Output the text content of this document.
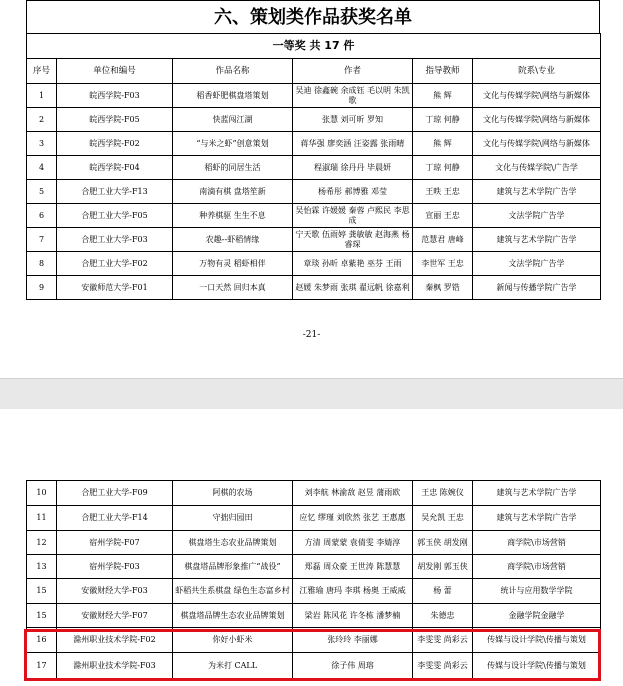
六、策划类作品获奖名单
一等奖 共 17 件					
序号	单位和编号	作品名称	作者	指导教师	院系\专业
1	皖西学院-F03	稻香虾肥棋盘塔策划	吴迪 徐鑫碗 余成钰 毛以明 朱凯歌	熊 辉	文化与传媒学院\网络与新媒体
2	皖西学院-F05	快蓝闯江湖	张慧 刘可昕 罗知	丁琼 何静	文化与传媒学院\网络与新媒体
3	皖西学院-F02	“与米之虾”创意策划	蒋华强 廖奕涵 汪姿露 张雨晴	熊 辉	文化与传媒学院\网络与新媒体
4	皖西学院-F04	稻虾的同居生活	程淑瑞 徐丹丹 毕晨妍	丁琼 何静	文化与传媒学院\广告学
5	合肥工业大学-F13	南滴有棋 盘塔笙新	杨希彤 郝博雅 邓莹	王昳 王忠	建筑与艺术学院广告学
6	合肥工业大学-F05	种养棋驱 生生不息	吴怡霖 许媛媛 秦蓉 卢熙民 李思成	宣丽 王忠	文法学院广告学
7	合肥工业大学-F03	农趣--虾稻情缘	宁天歌 伍雨婷 龚敏敏 赵海燕 杨睿琛	范慧君 唐峰	建筑与艺术学院广告学
8	合肥工业大学-F02	万物有灵 稻虾相伴	章琰 孙昕 卓紫艳 巫芬 王雨	李世军 王忠	文法学院广告学
9	安徽师范大学-F01	一口天然 回归本真	赵媛 朱梦雨 张琪 翟远帆 徐嘉利	秦枫 罗锆	新闻与传播学院广告学
-21-
10	合肥工业大学-F09	阿棋的农场	刘李航 林渝敌 赵昱 蒲雨欧	王忠 陈婉仪	建筑与艺术学院广告学
11	合肥工业大学-F14	守拙归园田	应忆 缪瑾 刘欣然 张艺 王惠惠	吴允凯 王忠	建筑与艺术学院广告学
12	宿州学院-F07	棋盘塔生态农业品牌策划	方清 周蒙蒙 袁倩雯 李婧淳	郭玉侠 胡发刚	商学院\市场营销
13	宿州学院-F03	棋盘塔品牌形象推广“战役”	郑磊 周众豪 王世涛 陈慧慧	胡发刚 郭玉侠	商学院\市场营销
15	安徽财经大学-F03	虾稻共生系棋盘 绿色生态富乡村	江雅瑜 唐玛 李琪 杨奥 王威威	杨 蕾	统计与应用数学学院
15	安徽财经大学-F07	棋盘塔品牌生态农业品牌策划	梁岩 陈风花 许冬栋 潘梦楠	朱德忠	金融学院金融学
16	滁州职业技术学院-F02	你好小虾米	张玲玲 李丽娜	李雯雯 尚彩云	传媒与设计学院\传播与策划
17	滁州职业技术学院-F03	为米打 CALL	徐子伟 周瑢	李雯雯 尚彩云	传媒与设计学院\传播与策划
